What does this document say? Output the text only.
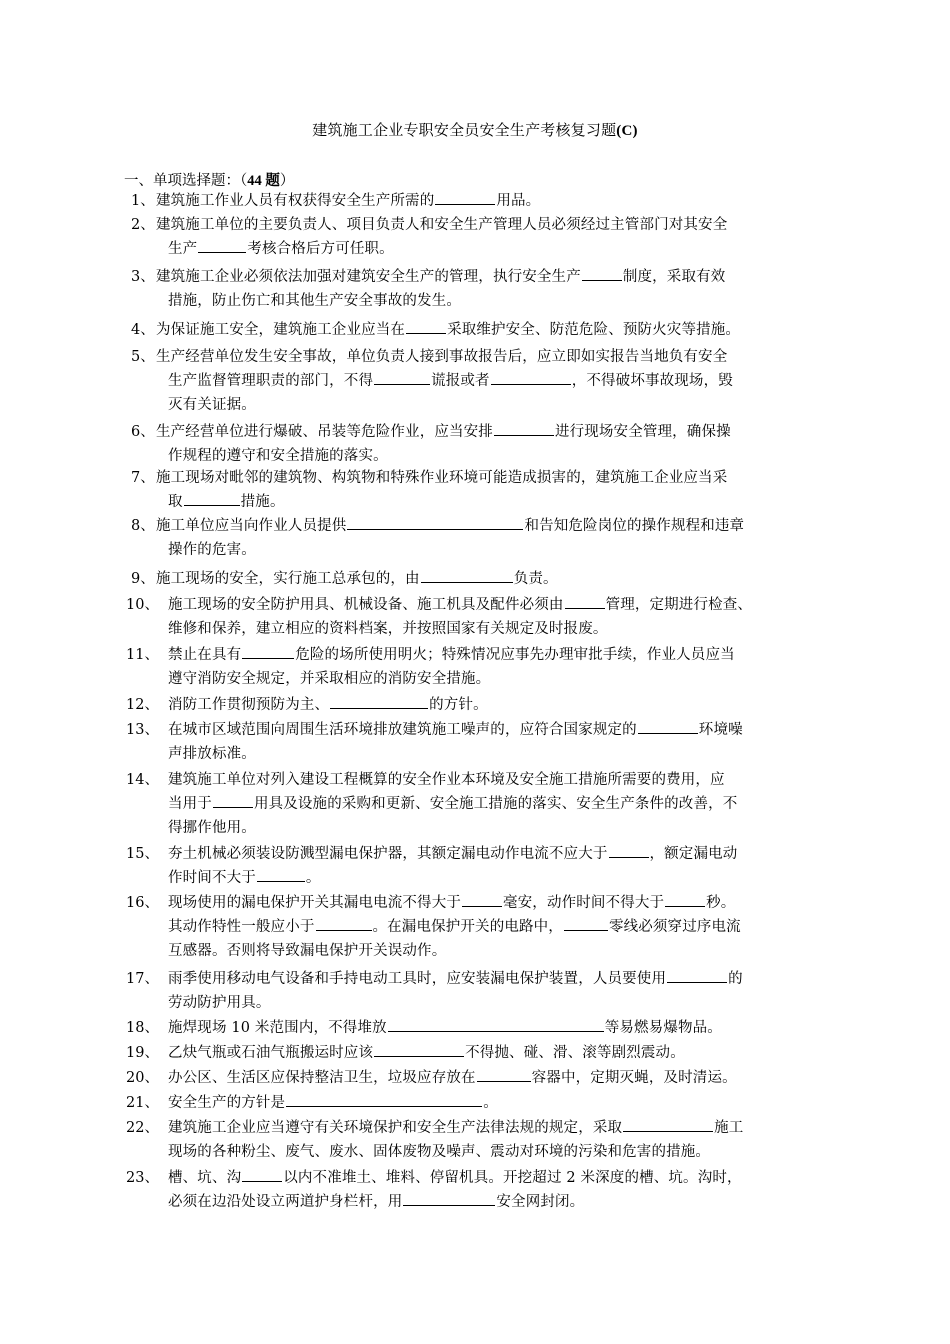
建筑施工企业专职安全员安全生产考核复习题(C)
一、单项选择题：（44 题）
1、 建筑施工作业人员有权获得安全生产所需的	用品。
2、 建筑施工单位的主要负责人、项目负责人和安全生产管理人员必须经过主管部门对其安全
生产	考核合格后方可任职。
3、 建筑施工企业必须依法加强对建筑安全生产的管理，执行安全生产	制度，采取有效
措施，防止伤亡和其他生产安全事故的发生。
4、 为保证施工安全，建筑施工企业应当在	采取维护安全、防范危险、预防火灾等措施。
5、 生产经营单位发生安全事故，单位负责人接到事故报告后，应立即如实报告当地负有安全
生产监督管理职责的部门，不得	谎报或者	，不得破坏事故现场，毁
灭有关证据。
6、 生产经营单位进行爆破、吊装等危险作业，应当安排	进行现场安全管理，确保操
作规程的遵守和安全措施的落实。
7、 施工现场对毗邻的建筑物、构筑物和特殊作业环境可能造成损害的，建筑施工企业应当采
取	措施。
8、 施工单位应当向作业人员提供	和告知危险岗位的操作规程和违章
操作的危害。
9、 施工现场的安全，实行施工总承包的，由	负责。
10、 施工现场的安全防护用具、机械设备、施工机具及配件必须由	管理，定期进行检查、
维修和保养，建立相应的资料档案，并按照国家有关规定及时报废。
11、 禁止在具有	危险的场所使用明火；特殊情况应事先办理审批手续，作业人员应当
遵守消防安全规定，并采取相应的消防安全措施。
12、 消防工作贯彻预防为主、	的方针。
13、 在城市区域范围向周围生活环境排放建筑施工噪声的，应符合国家规定的	环境噪
声排放标准。
14、 建筑施工单位对列入建设工程概算的安全作业本环境及安全施工措施所需要的费用，应
当用于	用具及设施的采购和更新、安全施工措施的落实、安全生产条件的改善，不
得挪作他用。
15、 夯土机械必须装设防溅型漏电保护器，其额定漏电动作电流不应大于	，额定漏电动
作时间不大于	。
16、 现场使用的漏电保护开关其漏电电流不得大于	毫安，动作时间不得大于	秒。
其动作特性一般应小于	。在漏电保护开关的电路中，	零线必须穿过序电流
互感器。否则将导致漏电保护开关误动作。
17、 雨季使用移动电气设备和手持电动工具时，应安装漏电保护装置，人员要使用	的
劳动防护用具。
18、 施焊现场 10 米范围内，不得堆放	等易燃易爆物品。
19、 乙炔气瓶或石油气瓶搬运时应该	不得抛、碰、滑、滚等剧烈震动。
20、 办公区、生活区应保持整洁卫生，垃圾应存放在	容器中，定期灭蝇，及时清运。
21、 安全生产的方针是	。
22、 建筑施工企业应当遵守有关环境保护和安全生产法律法规的规定，采取	施工
现场的各种粉尘、废气、废水、固体废物及噪声、震动对环境的污染和危害的措施。
23、 槽、坑、沟	以内不准堆土、堆料、停留机具。开挖超过 2 米深度的槽、坑。沟时，
必须在边沿处设立两道护身栏杆，用	安全网封闭。
